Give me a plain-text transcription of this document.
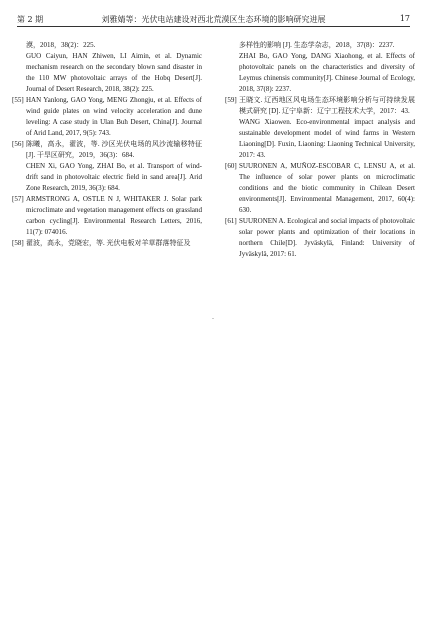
第 2 期	刘雅婧等：光伏电站建设对西北荒漠区生态环境的影响研究进展	17
漠，2018，38(2)：225.
GUO Caiyun, HAN Zhiwen, LI Aimin, et al. Dynamic mechanism research on the secondary blown sand disaster in the 110 MW photovoltaic arrays of the Hobq Desert[J]. Journal of Desert Research, 2018, 38(2): 225.
[55] HAN Yanlong, GAO Yong, MENG Zhongju, et al. Effects of wind guide plates on wind velocity acceleration and dune leveling: A case study in Ulan Buh Desert, China[J]. Journal of Arid Land, 2017, 9(5): 743.
[56] 陈曦，高永，翟波，等. 沙区光伏电场的风沙流输移特征 [J]. 干旱区研究，2019，36(3)：684.
CHEN Xi, GAO Yong, ZHAI Bo, et al. Transport of wind-drift sand in photovoltaic electric field in sand area[J]. Arid Zone Research, 2019, 36(3): 684.
[57] ARMSTRONG A, OSTLE N J, WHITAKER J. Solar park microclimate and vegetation management effects on grassland carbon cycling[J]. Environmental Research Letters, 2016, 11(7): 074016.
[58] 翟波，高永，党晓宏，等. 光伏电板对羊草群落特征及
多样性的影响 [J]. 生态学杂志，2018，37(8)：2237.
ZHAI Bo, GAO Yong, DANG Xiaohong, et al. Effects of photovoltaic panels on the characteristics and diversity of Leymus chinensis community[J]. Chinese Journal of Ecology, 2018, 37(8): 2237.
[59] 王晓文. 辽西地区风电场生态环境影响分析与可持续发展模式研究 [D]. 辽宁阜新：辽宁工程技术大学，2017：43.
WANG Xiaowen. Eco-environmental impact analysis and sustainable development model of wind farms in Western Liaoning[D]. Fuxin, Liaoning: Liaoning Technical University, 2017: 43.
[60] SUURONEN A, MUÑOZ-ESCOBAR C, LENSU A, et al. The influence of solar power plants on microclimatic conditions and the biotic community in Chilean Desert environments[J]. Environmental Management, 2017, 60(4): 630.
[61] SUURONEN A. Ecological and social impacts of photovoltaic solar power plants and optimization of their locations in northern Chile[D]. Jyväskylä, Finland: University of Jyväskylä, 2017: 61.
